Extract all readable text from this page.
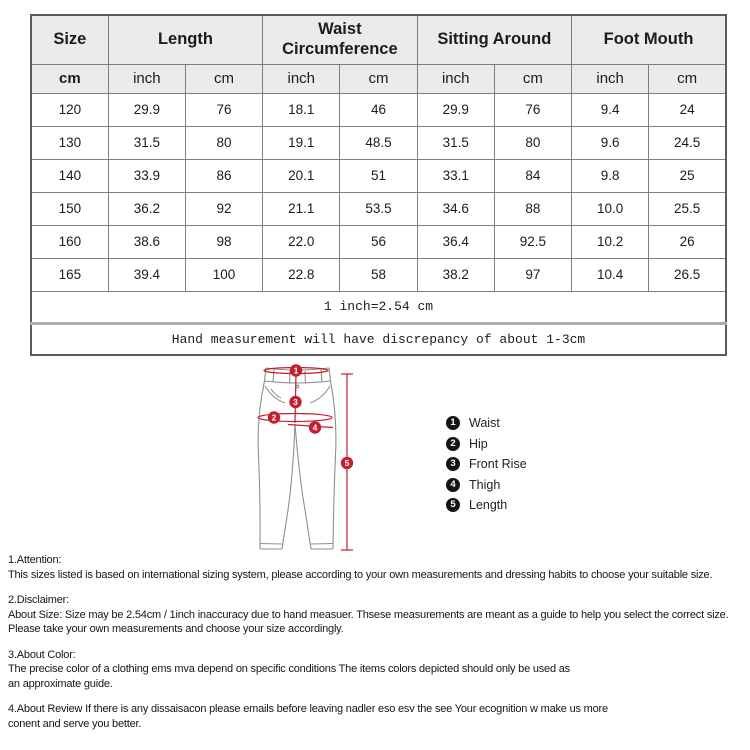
Size	Length		Waist Circumference		Sitting Around		Foot Mouth	
cm	inch	cm	inch	cm	inch	cm	inch	cm
120	29.9	76	18.1	46	29.9	76	9.4	24
130	31.5	80	19.1	48.5	31.5	80	9.6	24.5
140	33.9	86	20.1	51	33.1	84	9.8	25
150	36.2	92	21.1	53.5	34.6	88	10.0	25.5
160	38.6	98	22.0	56	36.4	92.5	10.2	26
165	39.4	100	22.8	58	38.2	97	10.4	26.5
1 inch=2.54 cm								
Hand measurement will have discrepancy of about 1-3cm								
1
2
3
4
5
1	Waist
2	Hip
3	Front Rise
4	Thigh
5	Length
1.Attention:
This sizes listed is based on international sizing system, please according to your own measurements and dressing habits to choose your suitable size.
2.Disclaimer:
About Size: Size may be 2.54cm / 1inch inaccuracy due to hand measuer. Thsese measurements are meant as a guide to help you select the correct size.
Please take your own measurements and choose your size accordingly.
3.About Color:
The precise color of a clothing ems mva depend on specific conditions The items colors depicted should only be used as
an approximate guide.
4.About Review If there is any dissaisacon please emails before leaving nadler eso esv the see Your ecognition w make us more
conent and serve you better.
